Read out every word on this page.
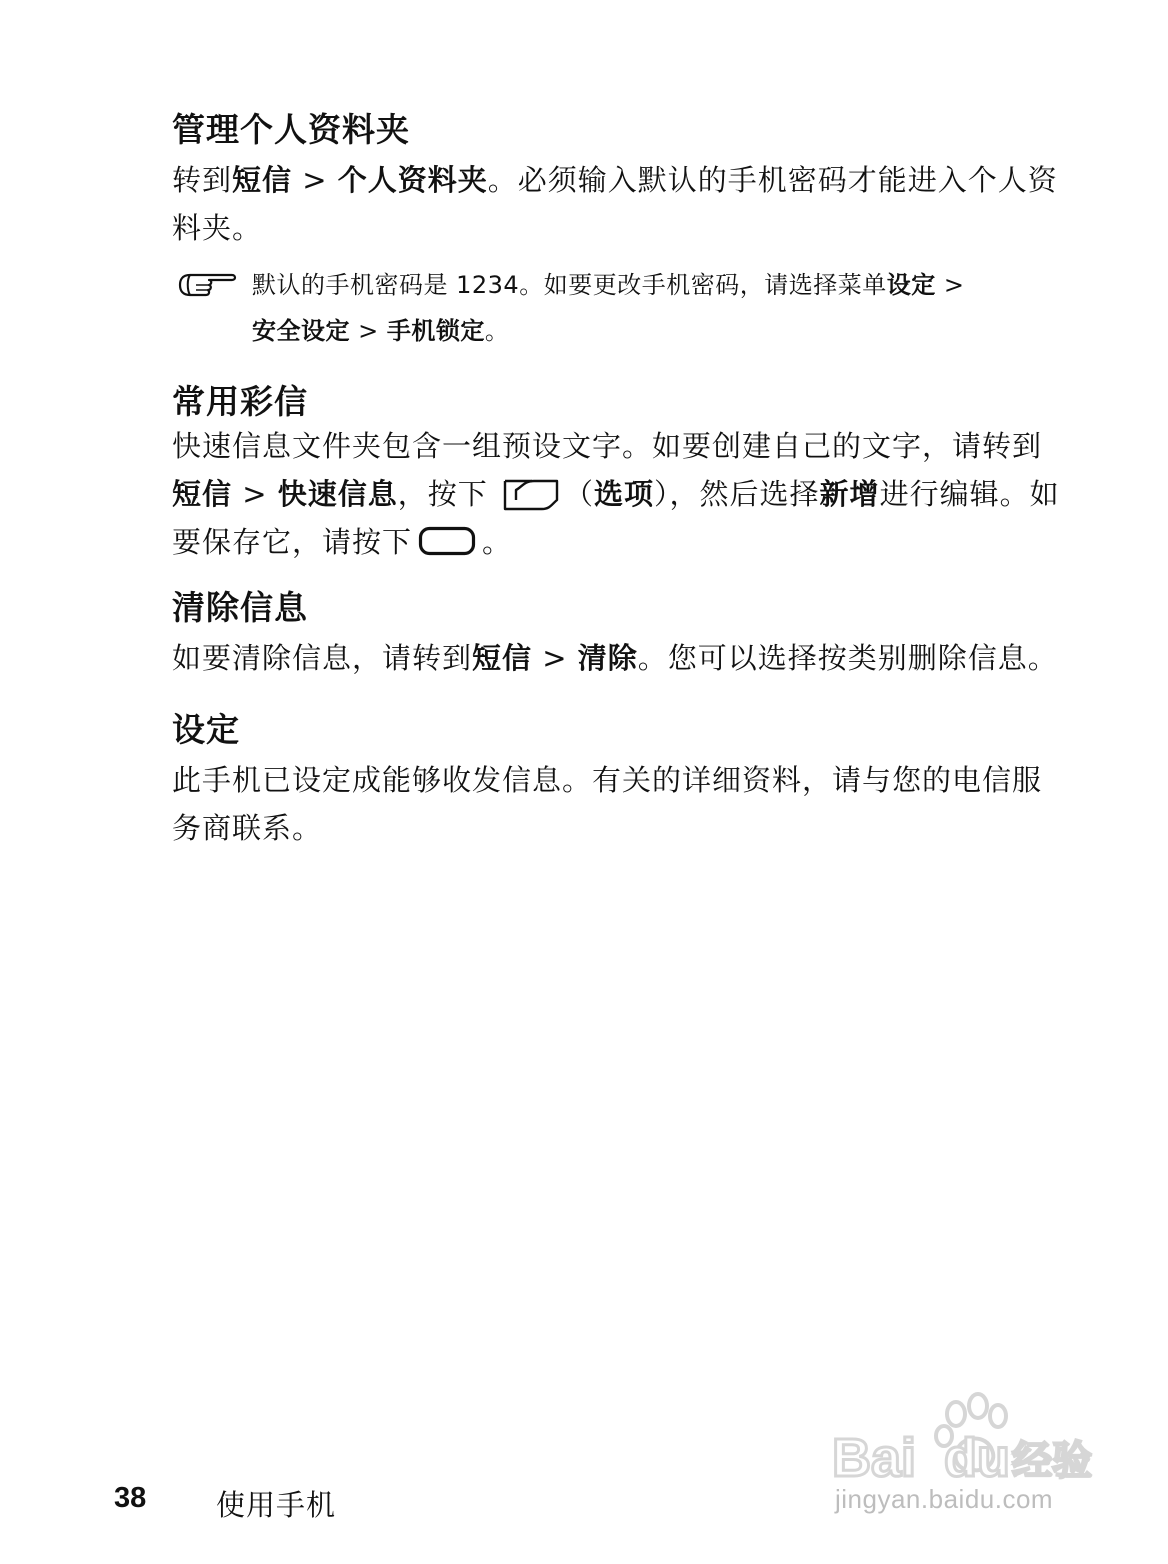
管理个人资料夹

转到短信 > 个人资料夹。必须输入默认的手机密码才能进入个人资料夹。

默认的手机密码是 1234。如要更改手机密码，请选择菜单设定 >
安全设定 > 手机锁定。
常用彩信

快速信息文件夹包含一组预设文字。如要创建自己的文字，请转到短信 > 快速信息，按下 （选项），然后选择新增进行编辑。如要保存它，请按下 。

清除信息

如要清除信息，请转到短信 > 清除。您可以选择按类别删除信息。

设定

此手机已设定成能够收发信息。有关的详细资料，请与您的电信服务商联系。

38 使用手机
Bai du 经验
jingyan.baidu.com
